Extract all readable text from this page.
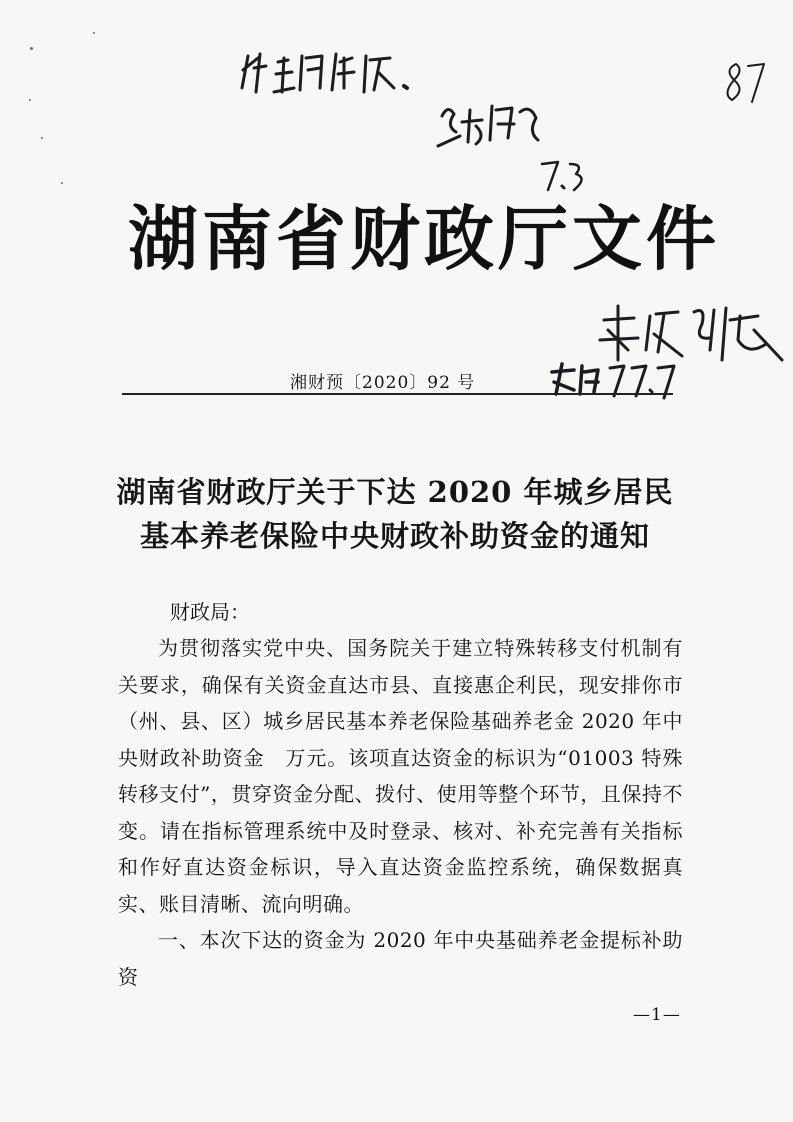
湖南省财政厅文件
湘财预〔2020〕92 号
湖南省财政厅关于下达 2020 年城乡居民
基本养老保险中央财政补助资金的通知
财政局：

为贯彻落实党中央、国务院关于建立特殊转移支付机制有关要求，确保有关资金直达市县、直接惠企利民，现安排你市（州、县、区）城乡居民基本养老保险基础养老金 2020 年中央财政补助资金　万元。该项直达资金的标识为“01003 特殊转移支付”，贯穿资金分配、拨付、使用等整个环节，且保持不变。请在指标管理系统中及时登录、核对、补充完善有关指标和作好直达资金标识，导入直达资金监控系统，确保数据真实、账目清晰、流向明确。

一、本次下达的资金为 2020 年中央基础养老金提标补助资

—1—
